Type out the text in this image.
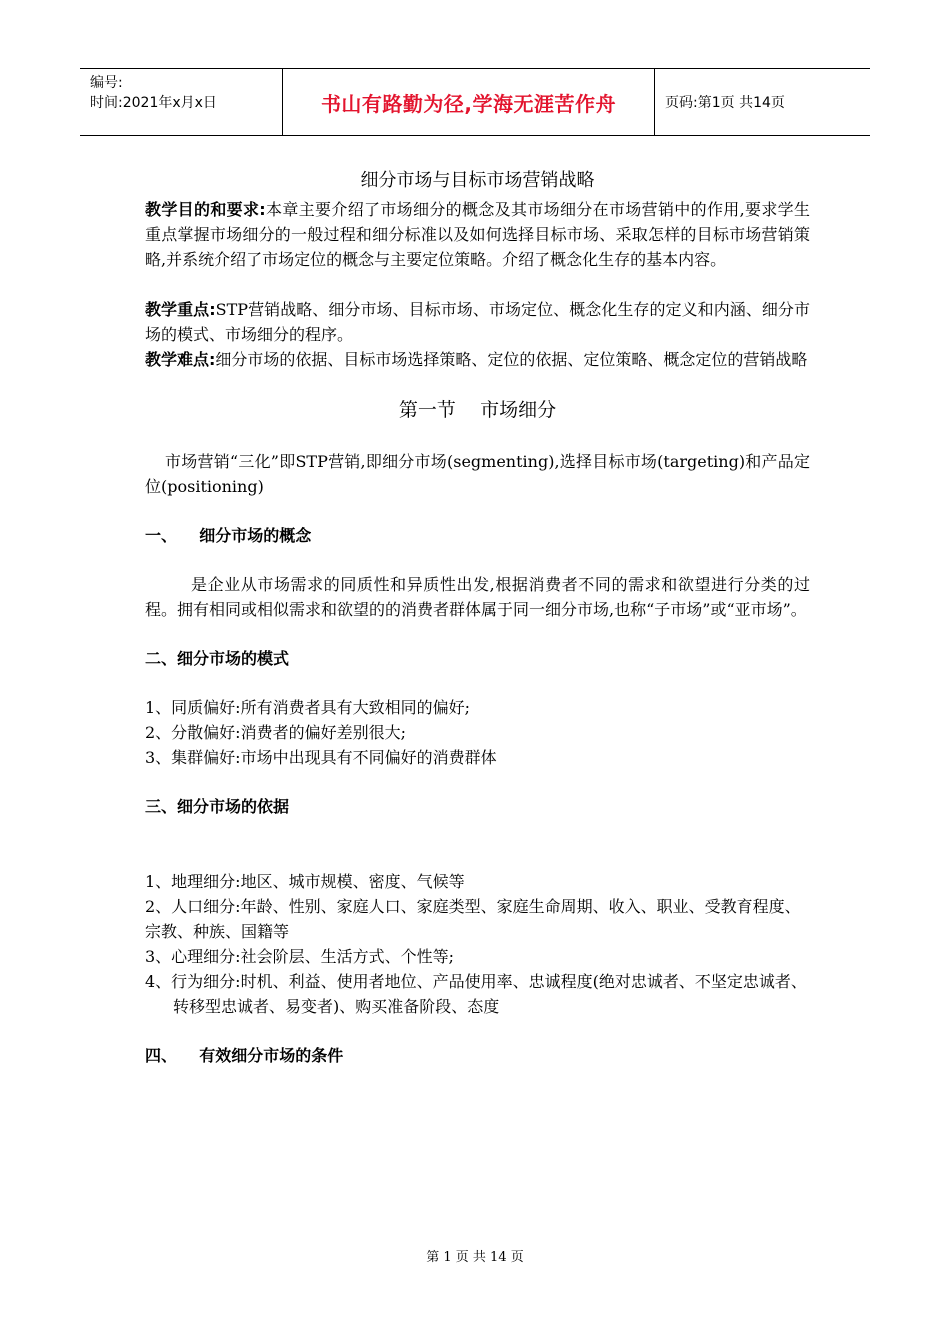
编号:
时间:2021年x月x日	书山有路勤为径,学海无涯苦作舟	页码:第1页 共14页
细分市场与目标市场营销战略

教学目的和要求:本章主要介绍了市场细分的概念及其市场细分在市场营销中的作用,要求学生重点掌握市场细分的一般过程和细分标准以及如何选择目标市场、采取怎样的目标市场营销策略,并系统介绍了市场定位的概念与主要定位策略。介绍了概念化生存的基本内容。

教学重点:STP营销战略、细分市场、目标市场、市场定位、概念化生存的定义和内涵、细分市场的模式、市场细分的程序。

教学难点:细分市场的依据、目标市场选择策略、定位的依据、定位策略、概念定位的营销战略

第一节    市场细分

市场营销“三化”即STP营销,即细分市场(segmenting),选择目标市场(targeting)和产品定位(positioning)

一、    细分市场的概念

是企业从市场需求的同质性和异质性出发,根据消费者不同的需求和欲望进行分类的过程。拥有相同或相似需求和欲望的的消费者群体属于同一细分市场,也称“子市场”或“亚市场”。

二、细分市场的模式

1、同质偏好:所有消费者具有大致相同的偏好;

2、分散偏好:消费者的偏好差别很大;

3、集群偏好:市场中出现具有不同偏好的消费群体

三、细分市场的依据

1、地理细分:地区、城市规模、密度、气候等

2、人口细分:年龄、性别、家庭人口、家庭类型、家庭生命周期、收入、职业、受教育程度、宗教、种族、国籍等

3、心理细分:社会阶层、生活方式、个性等;

4、行为细分:时机、利益、使用者地位、产品使用率、忠诚程度(绝对忠诚者、不坚定忠诚者、转移型忠诚者、易变者)、购买准备阶段、态度

四、    有效细分市场的条件

第 1 页 共 14 页
